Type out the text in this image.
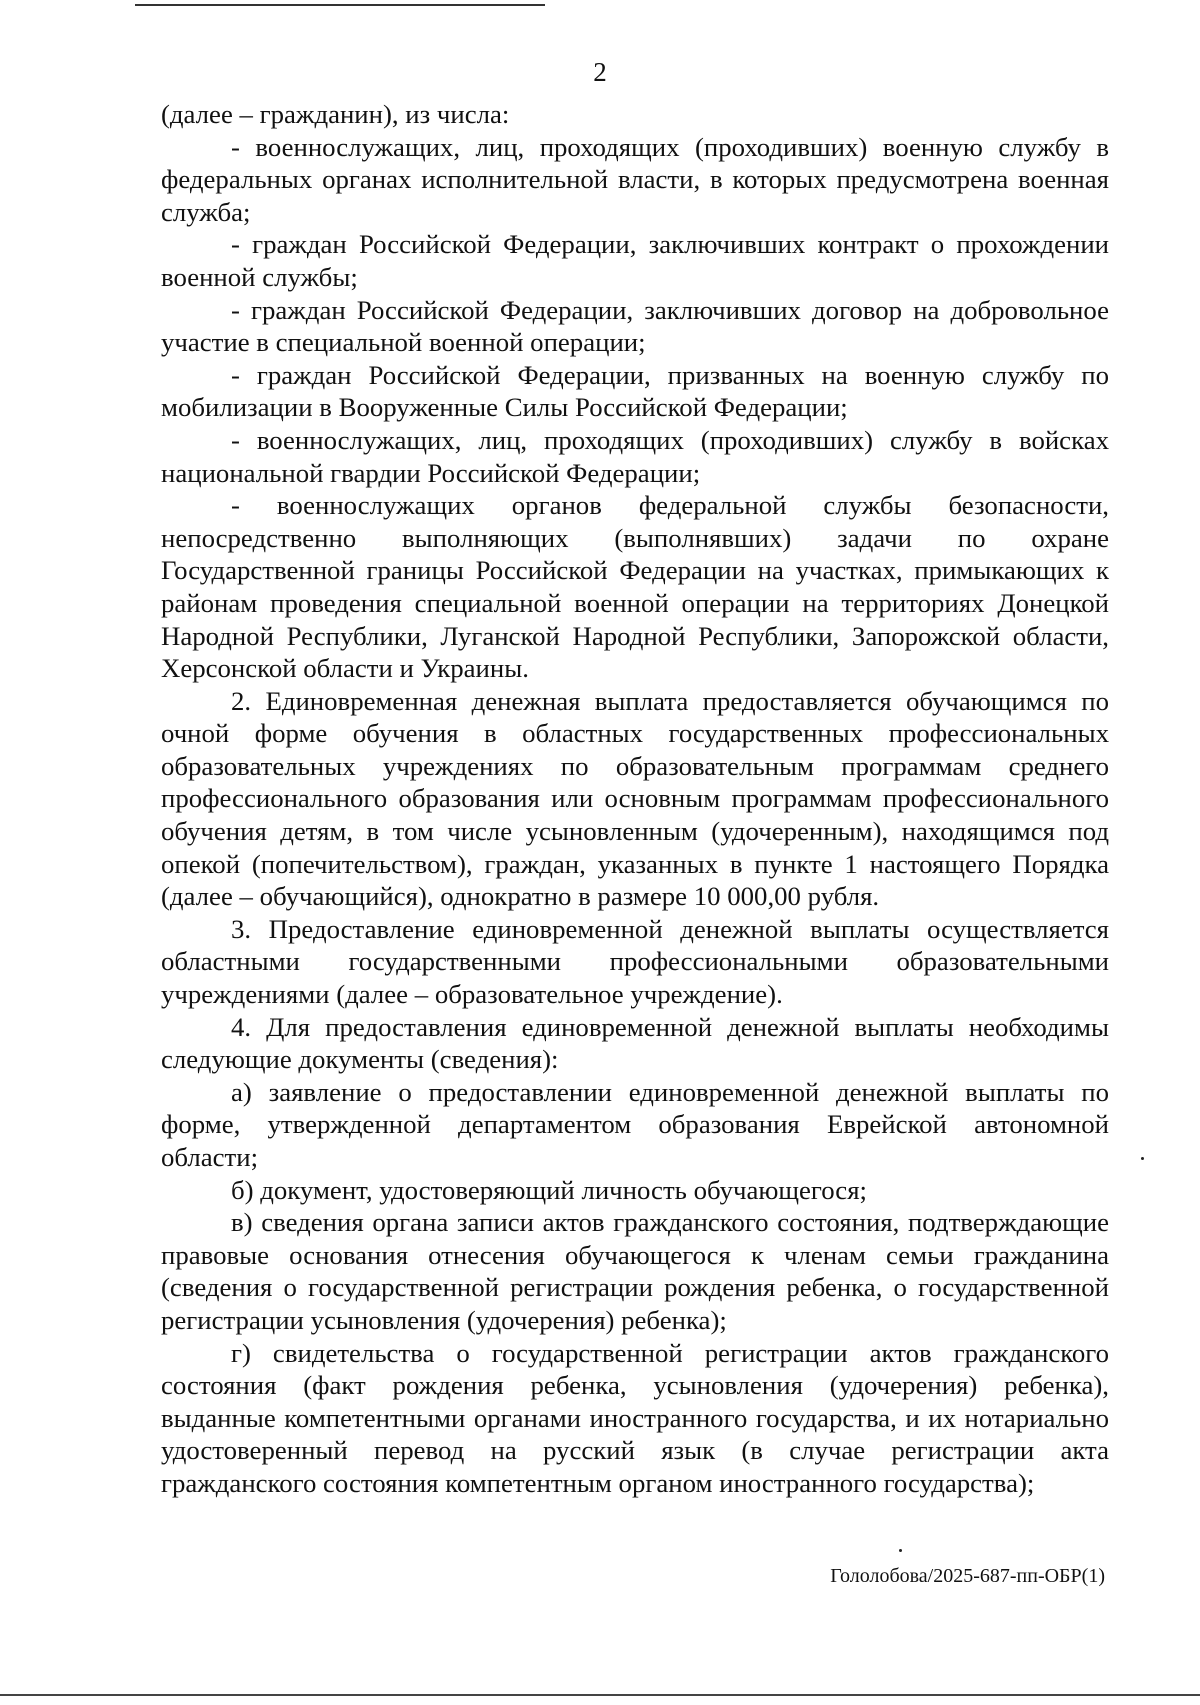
2

(далее – гражданин), из числа:

- военнослужащих, лиц, проходящих (проходивших) военную службу в федеральных органах исполнительной власти, в которых предусмотрена военная служба;

- граждан Российской Федерации, заключивших контракт о прохождении военной службы;

- граждан Российской Федерации, заключивших договор на добровольное участие в специальной военной операции;

- граждан Российской Федерации, призванных на военную службу по мобилизации в Вооруженные Силы Российской Федерации;

- военнослужащих, лиц, проходящих (проходивших) службу в войсках национальной гвардии Российской Федерации;

- военнослужащих органов федеральной службы безопасности, непосредственно выполняющих (выполнявших) задачи по охране Государственной границы Российской Федерации на участках, примыкающих к районам проведения специальной военной операции на территориях Донецкой Народной Республики, Луганской Народной Республики, Запорожской области, Херсонской области и Украины.

2. Единовременная денежная выплата предоставляется обучающимся по очной форме обучения в областных государственных профессиональных образовательных учреждениях по образовательным программам среднего профессионального образования или основным программам профессионального обучения детям, в том числе усыновленным (удочеренным), находящимся под опекой (попечительством), граждан, указанных в пункте 1 настоящего Порядка (далее – обучающийся), однократно в размере 10 000,00 рубля.

3. Предоставление единовременной денежной выплаты осуществляется областными государственными профессиональными образовательными учреждениями (далее – образовательное учреждение).

4. Для предоставления единовременной денежной выплаты необходимы следующие документы (сведения):

а) заявление о предоставлении единовременной денежной выплаты по форме, утвержденной департаментом образования Еврейской автономной области;

б) документ, удостоверяющий личность обучающегося;

в) сведения органа записи актов гражданского состояния, подтверждающие правовые основания отнесения обучающегося к членам семьи гражданина (сведения о государственной регистрации рождения ребенка, о государственной регистрации усыновления (удочерения) ребенка);

г) свидетельства о государственной регистрации актов гражданского состояния (факт рождения ребенка, усыновления (удочерения) ребенка), выданные компетентными органами иностранного государства, и их нотариально удостоверенный перевод на русский язык (в случае регистрации акта гражданского состояния компетентным органом иностранного государства);

Гололобова/2025-687-пп-ОБР(1)
